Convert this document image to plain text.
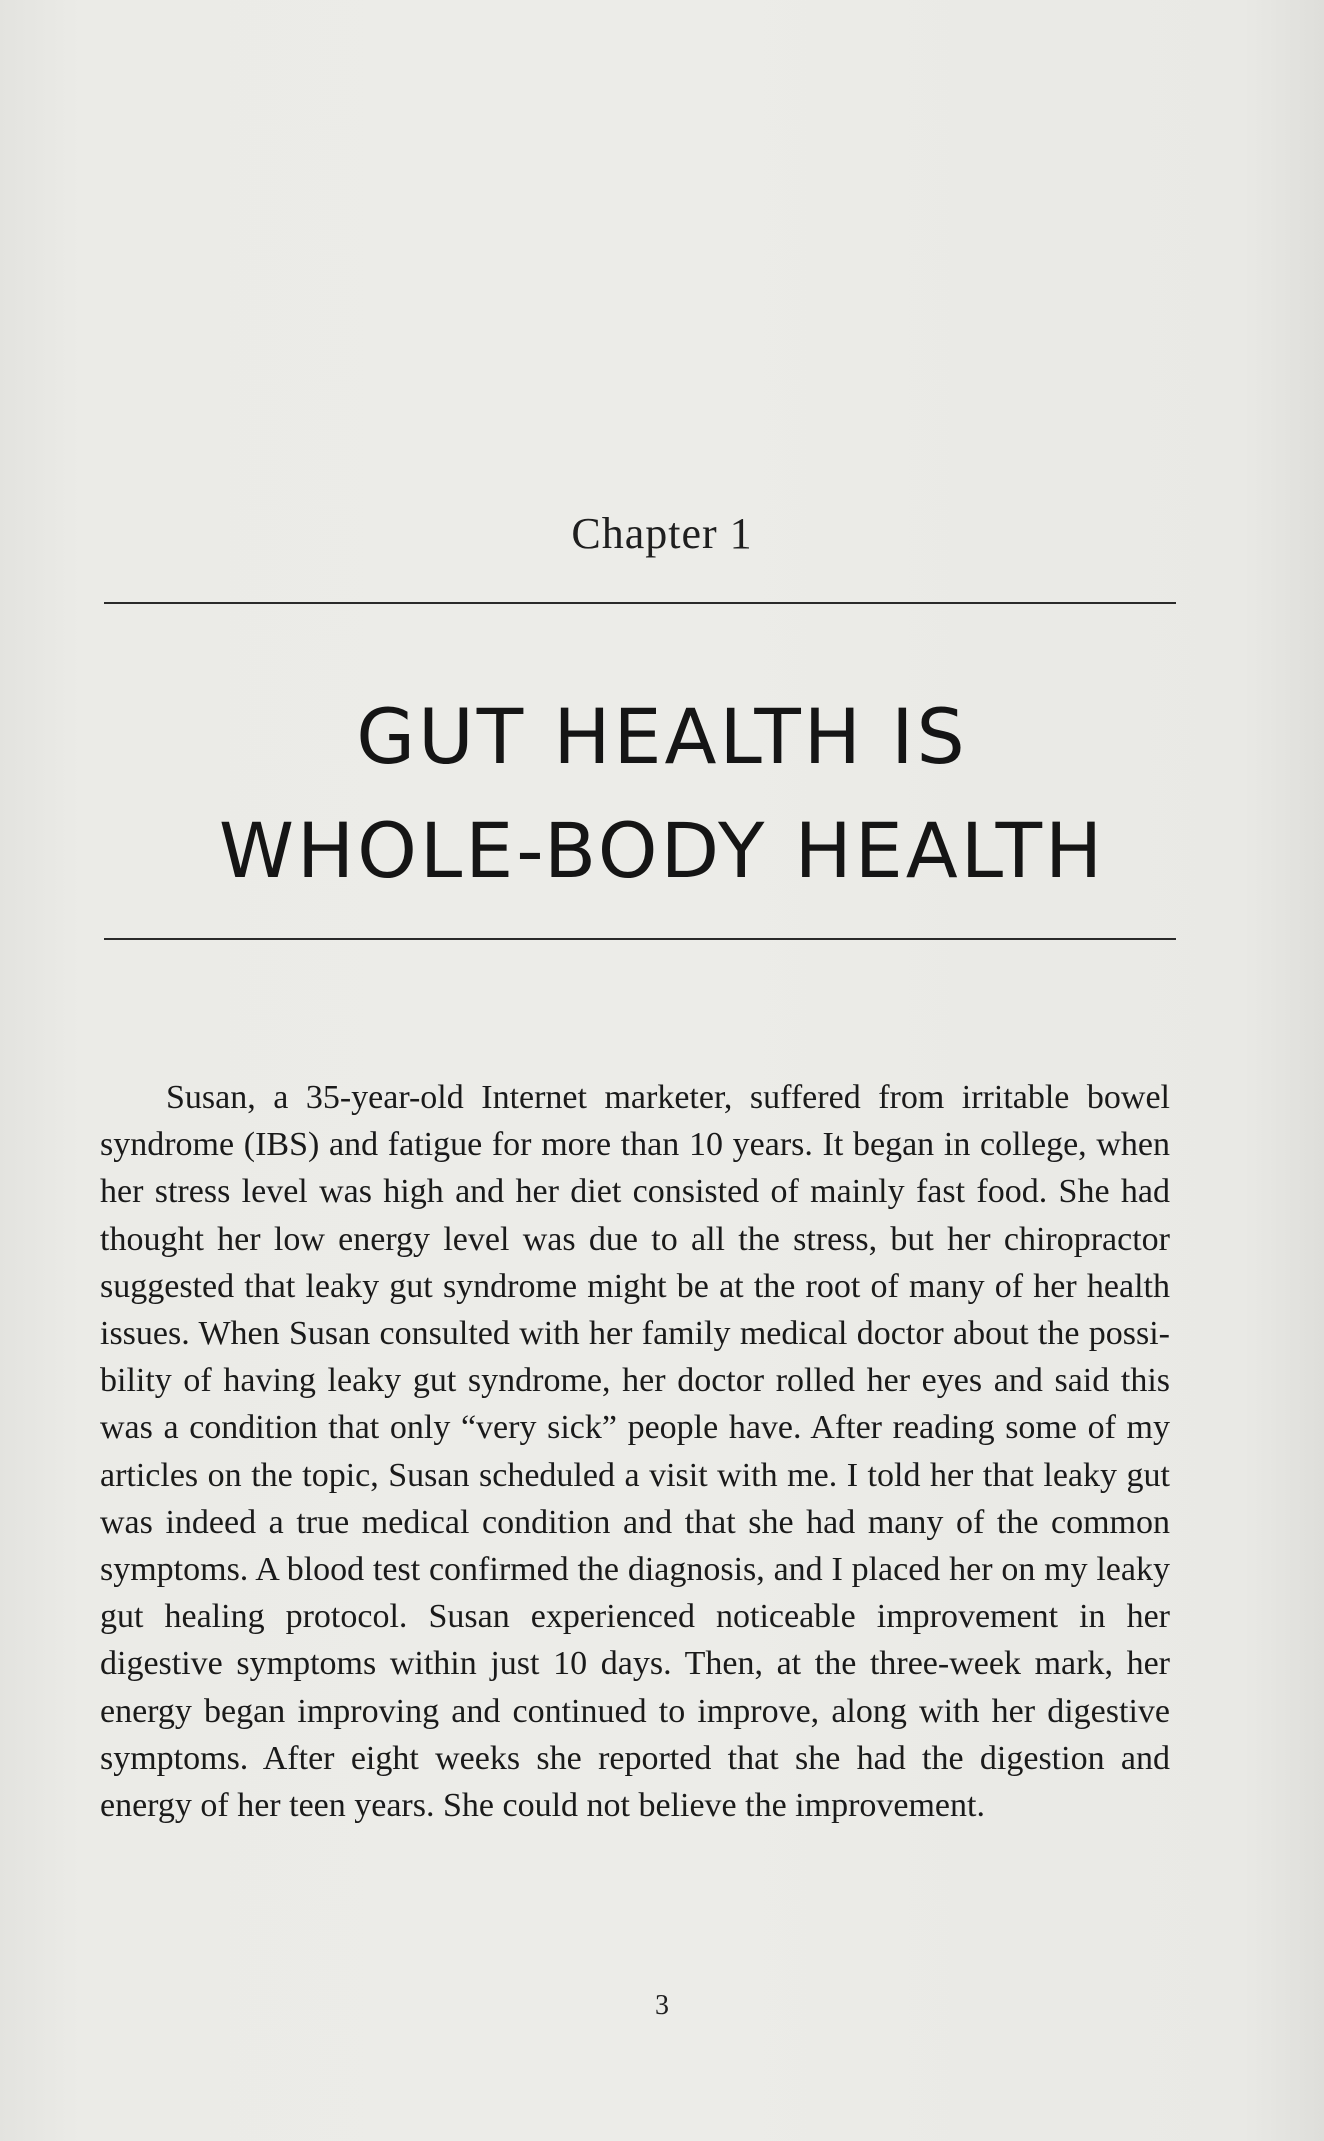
Chapter 1
GUT HEALTH IS
WHOLE-BODY HEALTH

Susan, a 35-year-old Internet marketer, suffered from irritable bowel syndrome (IBS) and fatigue for more than 10 years. It began in college, when her stress level was high and her diet consisted of mainly fast food. She had thought her low energy level was due to all the stress, but her chiropractor suggested that leaky gut syndrome might be at the root of many of her health issues. When Susan consulted with her family medical doctor about the possibility of having leaky gut syndrome, her doctor rolled her eyes and said this was a condition that only “very sick” people have. After reading some of my articles on the topic, Susan scheduled a visit with me. I told her that leaky gut was indeed a true medical condition and that she had many of the common symptoms. A blood test confirmed the diagnosis, and I placed her on my leaky gut healing protocol. Susan experienced noticeable improvement in her digestive symptoms within just 10 days. Then, at the three-week mark, her energy began improving and continued to improve, along with her digestive symptoms. After eight weeks she reported that she had the digestion and energy of her teen years. She could not believe the improvement.

3
